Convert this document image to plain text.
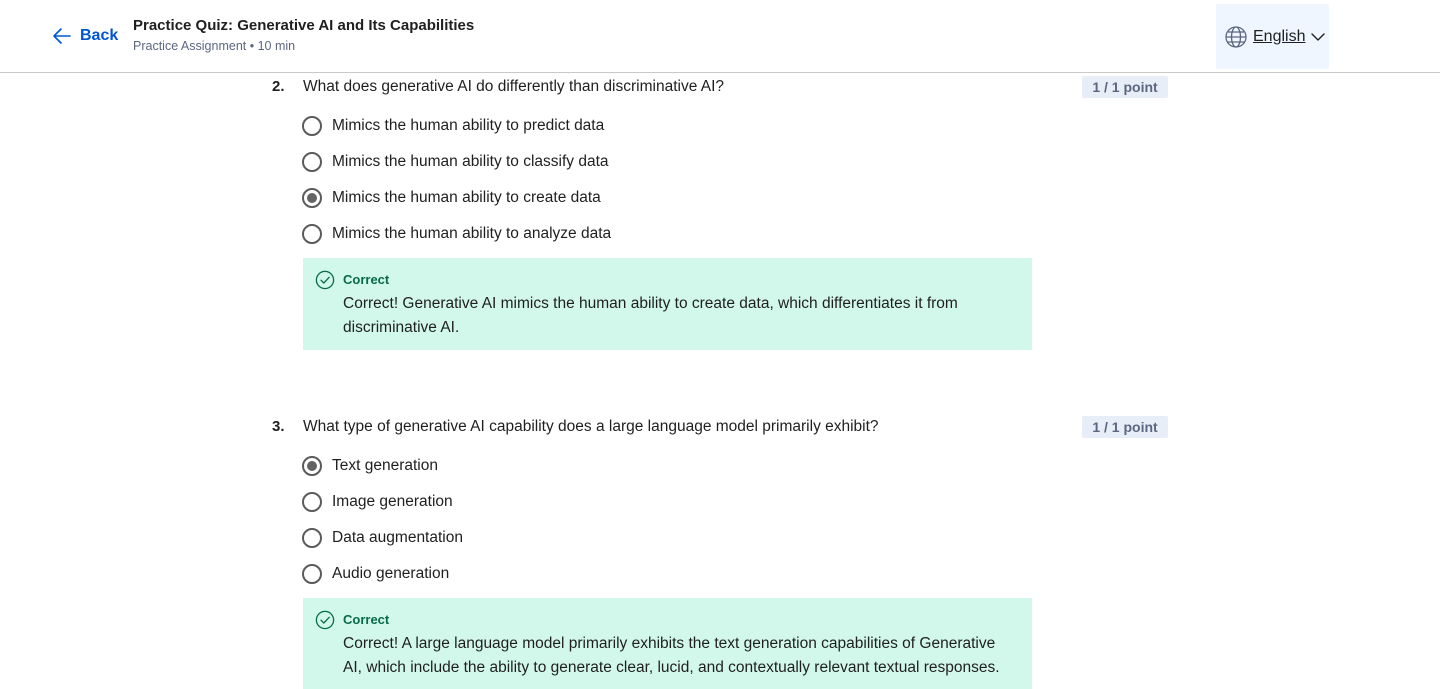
Back
Practice Quiz: Generative AI and Its Capabilities
Practice Assignment • 10 min
English
2. What does generative AI do differently than discriminative AI?	1 / 1 point
Mimics the human ability to predict data
Mimics the human ability to classify data
Mimics the human ability to create data
Mimics the human ability to analyze data
Correct
Correct! Generative AI mimics the human ability to create data, which differentiates it from discriminative AI.
3. What type of generative AI capability does a large language model primarily exhibit?	1 / 1 point
Text generation
Image generation
Data augmentation
Audio generation
Correct
Correct! A large language model primarily exhibits the text generation capabilities of Generative AI, which include the ability to generate clear, lucid, and contextually relevant textual responses.
